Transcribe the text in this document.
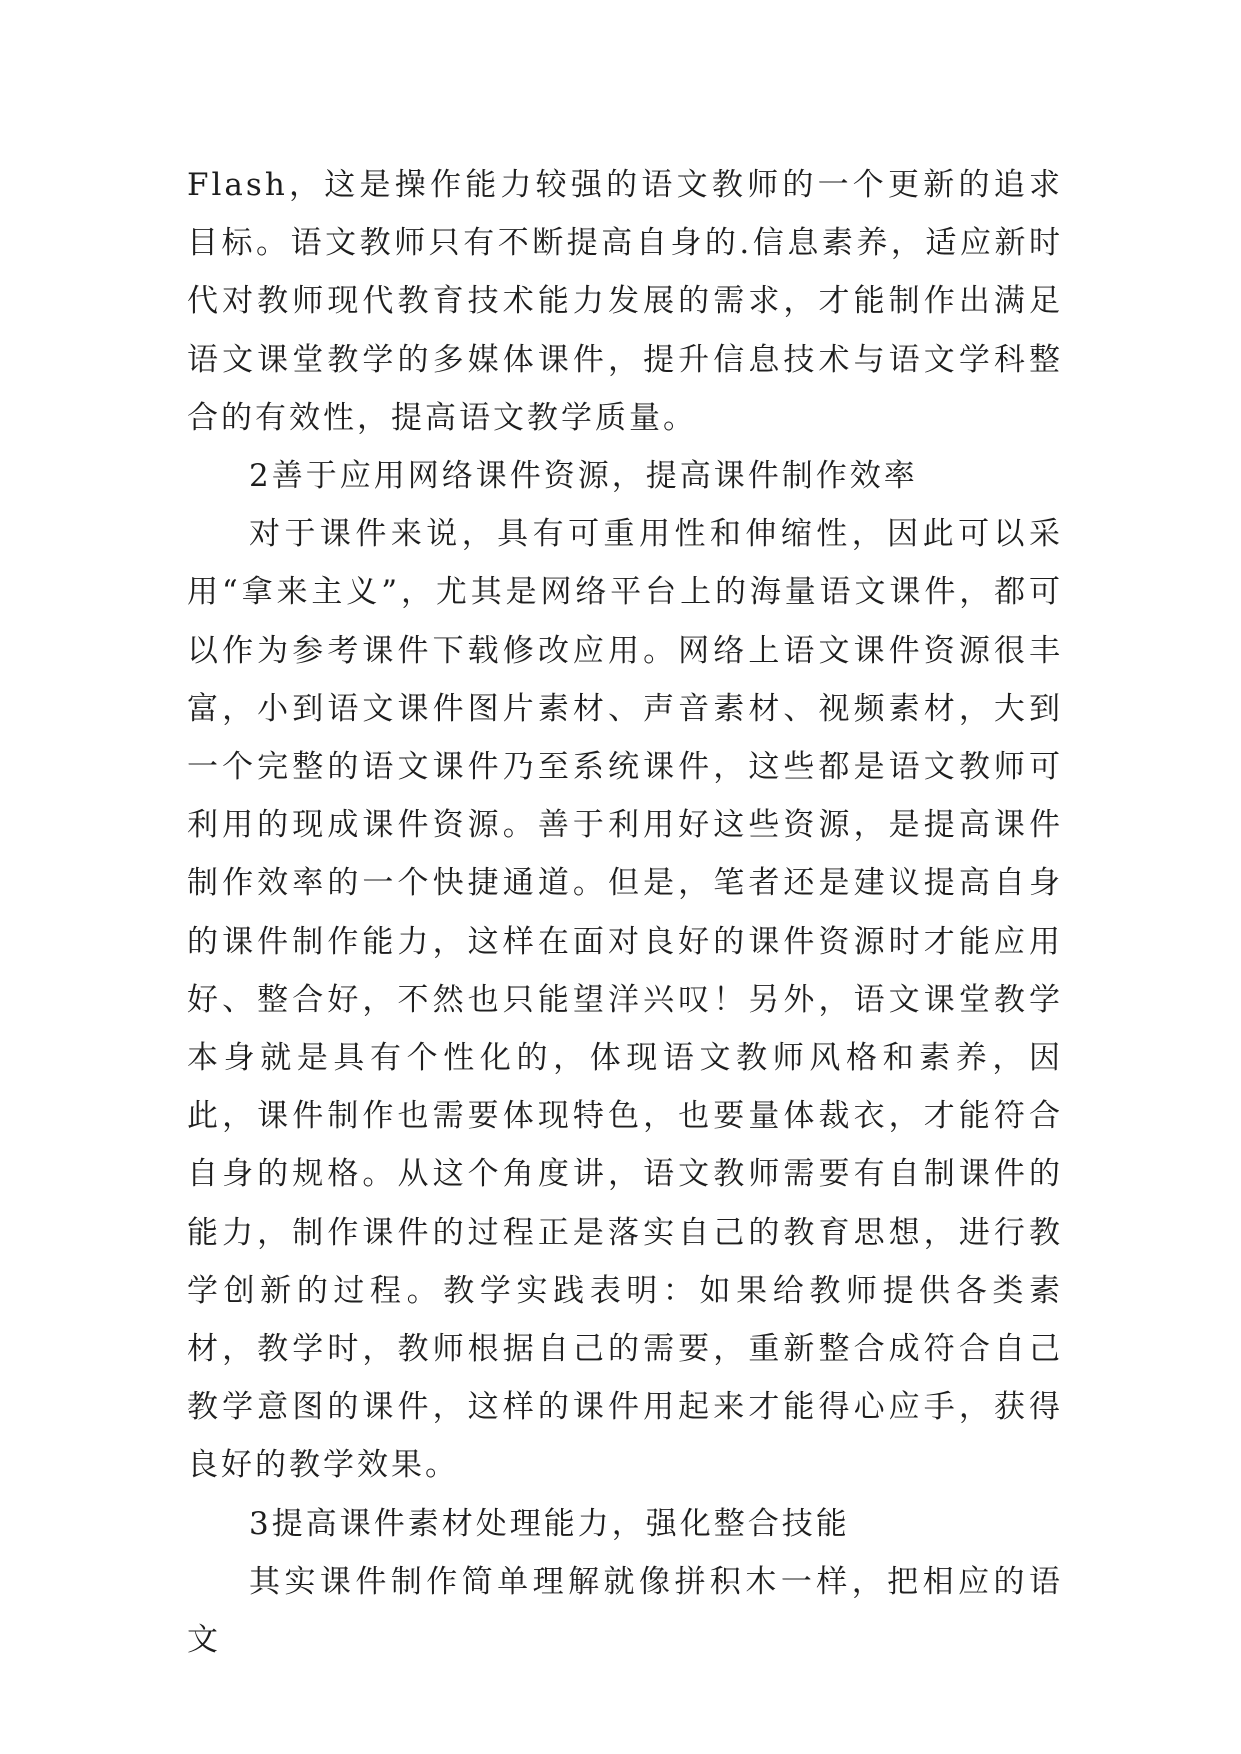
Flash，这是操作能力较强的语文教师的一个更新的追求目标。语文教师只有不断提高自身的.信息素养，适应新时代对教师现代教育技术能力发展的需求，才能制作出满足语文课堂教学的多媒体课件，提升信息技术与语文学科整合的有效性，提高语文教学质量。

2善于应用网络课件资源，提高课件制作效率

对于课件来说，具有可重用性和伸缩性，因此可以采用“拿来主义”，尤其是网络平台上的海量语文课件，都可以作为参考课件下载修改应用。网络上语文课件资源很丰富，小到语文课件图片素材、声音素材、视频素材，大到一个完整的语文课件乃至系统课件，这些都是语文教师可利用的现成课件资源。善于利用好这些资源，是提高课件制作效率的一个快捷通道。但是，笔者还是建议提高自身的课件制作能力，这样在面对良好的课件资源时才能应用好、整合好，不然也只能望洋兴叹！另外，语文课堂教学本身就是具有个性化的，体现语文教师风格和素养，因此，课件制作也需要体现特色，也要量体裁衣，才能符合自身的规格。从这个角度讲，语文教师需要有自制课件的能力，制作课件的过程正是落实自己的教育思想，进行教学创新的过程。教学实践表明：如果给教师提供各类素材，教学时，教师根据自己的需要，重新整合成符合自己教学意图的课件，这样的课件用起来才能得心应手，获得良好的教学效果。

3提高课件素材处理能力，强化整合技能

其实课件制作简单理解就像拼积木一样，把相应的语文
